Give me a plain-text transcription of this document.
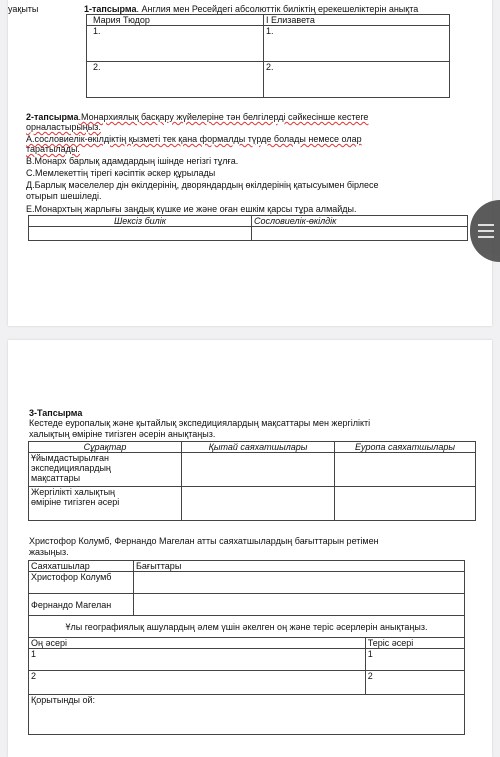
уақыты	1-тапсырма. Англия мен Ресейдегі абсолюттік биліктің ерекешеліктерін анықта
Мария Тюдор	I Елизавета
1.	1.
2.	2.
2-тапсырма.Монархиялық басқару жүйелеріне тән белгілерді сәйкесінше кестеге
орналастырыңыз.
А.сословиелік-өкілдіктің қызметі тек қана формалды түрде болады немесе олар
таратылады.
В.Монарх барлық адамдардың ішінде негізгі тұлға.
С.Мемлекеттің тірегі кәсіптік әскер құрылады
Д.Барлық мәселелер дін өкілдерінің, дворяндардың өкілдерінің қатысуымен бірлесе
отырып шешіледі.
Е.Монархтың жарлығы заңдық күшке ие және оған ешкім қарсы тұра алмайды.
Шексіз билік	Сословиелік-өкілдік

3-Тапсырма
Кестеде еуропалық және қытайлық экспедициялардың мақсаттары мен жергілікті
халықтың өміріне тигізген әсерін анықтаңыз.
Сұрақтар	Қытай саяхатшылары	Еуропа саяхатшылары
Ұйымдастырылған
экспедициялардың
мақсаттары		
Жергілікті халықтың
өміріне тигізген әсері		
Христофор Колумб, Фернандо Магелан атты саяхатшылардың бағыттарын ретімен
жазыңыз.
Саяхатшылар	Бағыттары	
Христофор Колумб		
Фернандо Магелан		
Ұлы географиялық ашулардың әлем үшін әкелген оң және теріс әсерлерін анықтаңыз.		
Оң әсері		Теріс әсері
1		1
2		2
Қорытынды ой:		
